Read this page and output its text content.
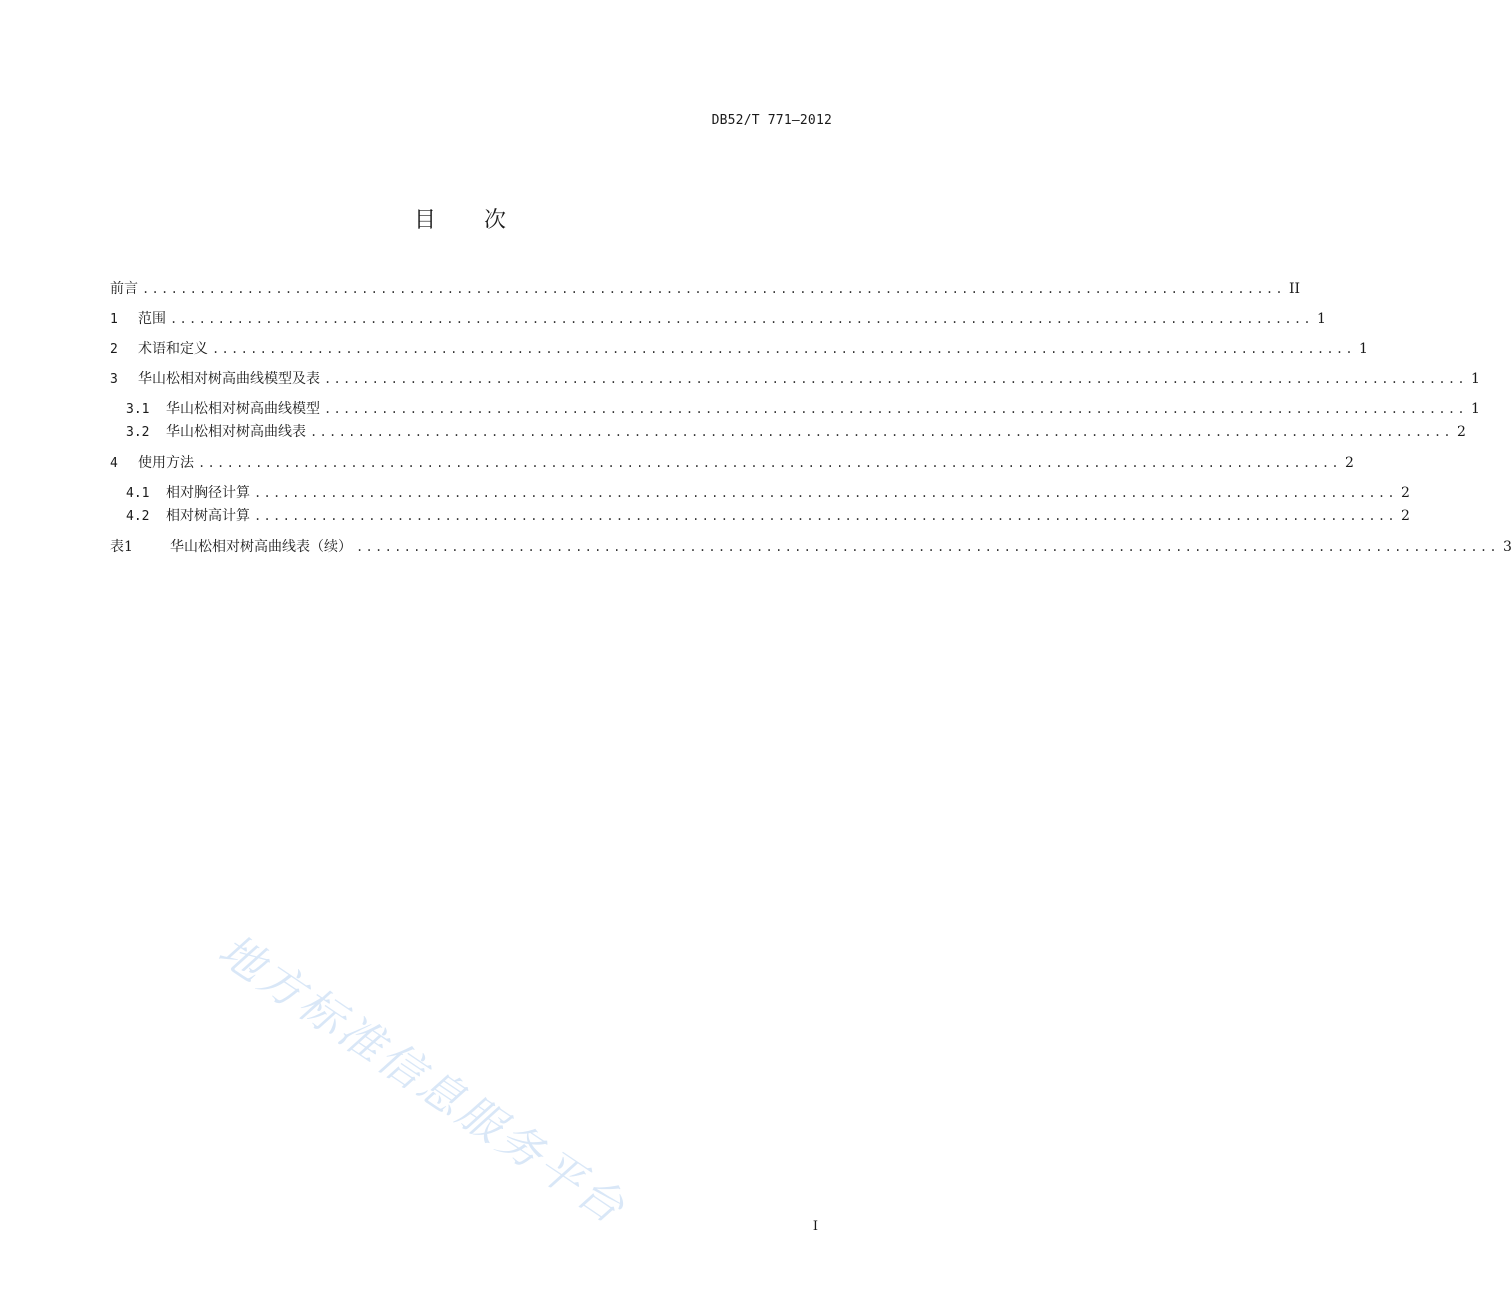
DB52/T 771—2012
目次
前言 ........................................................................................................................ II
1	范围 ........................................................................................................................ 1
2	术语和定义 ........................................................................................................................ 1
3	华山松相对树高曲线模型及表 ........................................................................................................................ 1
3.1	华山松相对树高曲线模型 ........................................................................................................................ 1
3.2	华山松相对树高曲线表 ........................................................................................................................ 2
4	使用方法 ........................................................................................................................ 2
4.1	相对胸径计算 ........................................................................................................................ 2
4.2	相对树高计算 ........................................................................................................................ 2
表1	华山松相对树高曲线表（续） ........................................................................................................................ 3
地方标准信息服务平台	I
